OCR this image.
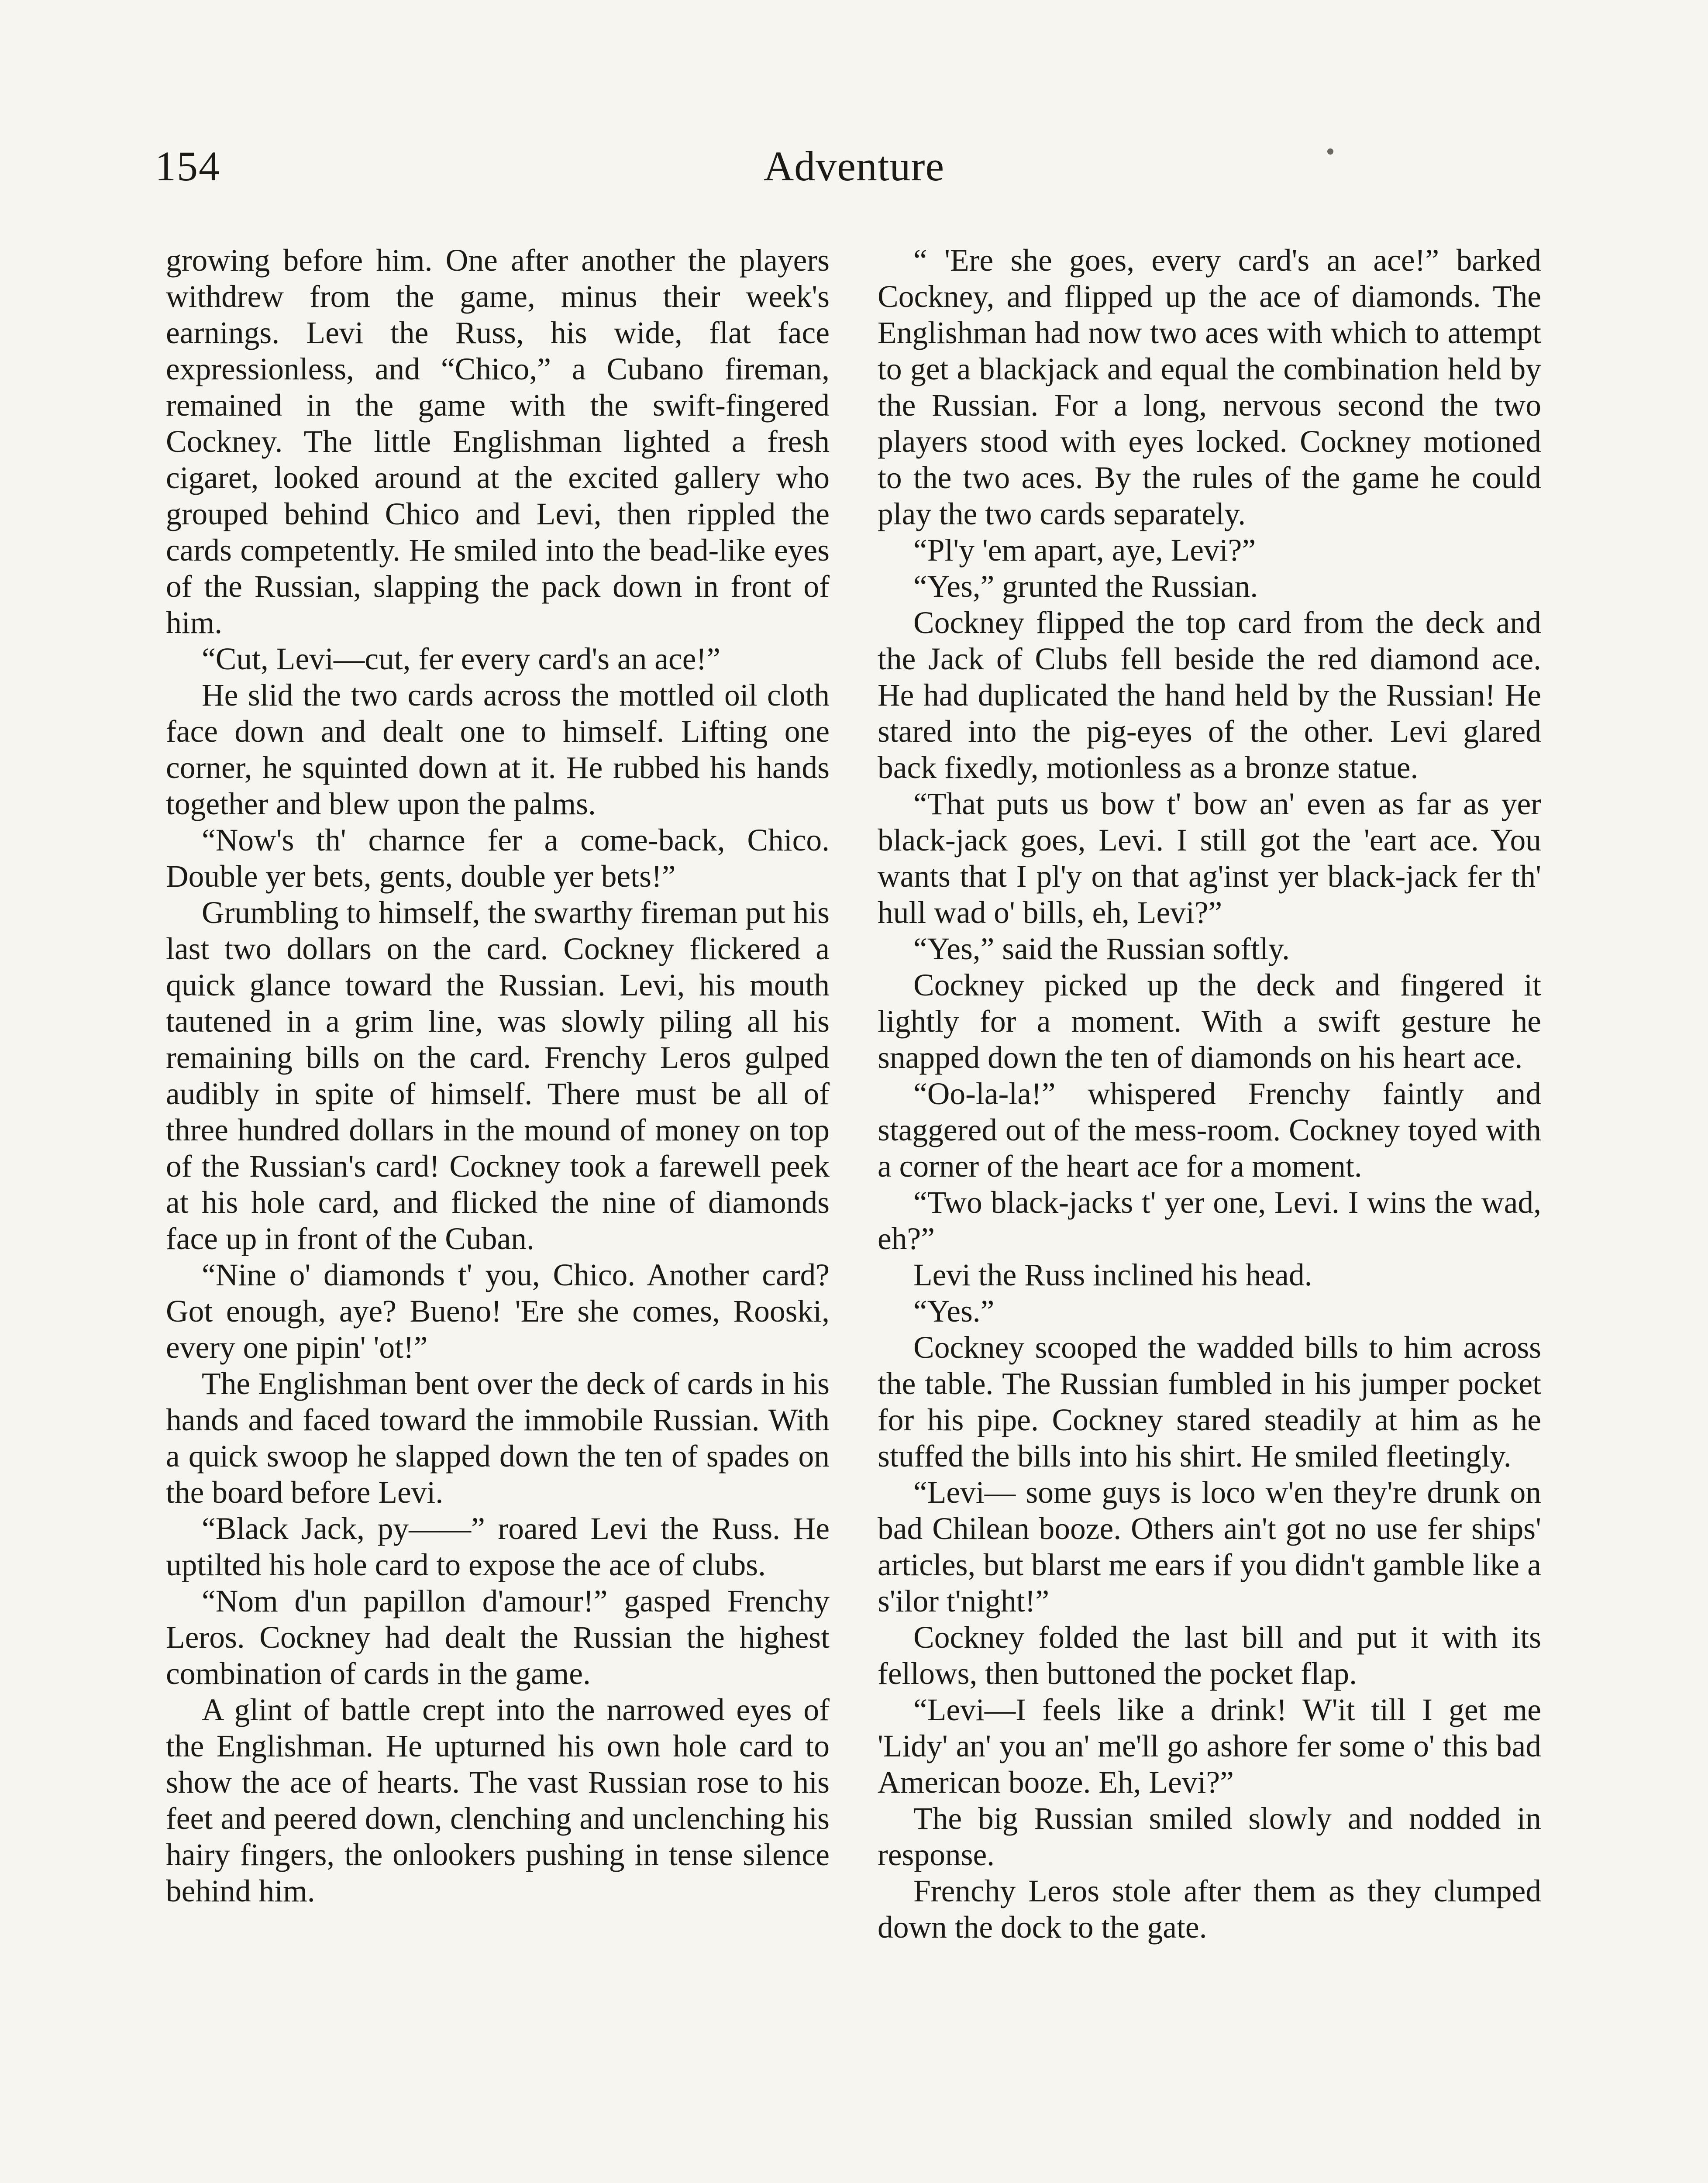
154	Adventure

growing before him. One after another the players withdrew from the game, minus their week's earnings. Levi the Russ, his wide, flat face expressionless, and “Chico,” a Cubano fireman, remained in the game with the swift-fingered Cockney. The little Englishman lighted a fresh cigaret, looked around at the excited gallery who grouped behind Chico and Levi, then rippled the cards competently. He smiled into the bead-like eyes of the Russian, slapping the pack down in front of him.

“Cut, Levi—cut, fer every card's an ace!”

He slid the two cards across the mottled oil cloth face down and dealt one to himself. Lifting one corner, he squinted down at it. He rubbed his hands together and blew upon the palms.

“Now's th' charnce fer a come-back, Chico. Double yer bets, gents, double yer bets!”

Grumbling to himself, the swarthy fireman put his last two dollars on the card. Cockney flickered a quick glance toward the Russian. Levi, his mouth tautened in a grim line, was slowly piling all his remaining bills on the card. Frenchy Leros gulped audibly in spite of himself. There must be all of three hundred dollars in the mound of money on top of the Russian's card! Cockney took a farewell peek at his hole card, and flicked the nine of diamonds face up in front of the Cuban.

“Nine o' diamonds t' you, Chico. Another card? Got enough, aye? Bueno! 'Ere she comes, Rooski, every one pipin' 'ot!”

The Englishman bent over the deck of cards in his hands and faced toward the immobile Russian. With a quick swoop he slapped down the ten of spades on the board before Levi.

“Black Jack, py——” roared Levi the Russ. He uptilted his hole card to expose the ace of clubs.

“Nom d'un papillon d'amour!” gasped Frenchy Leros. Cockney had dealt the Russian the highest combination of cards in the game.

A glint of battle crept into the narrowed eyes of the Englishman. He upturned his own hole card to show the ace of hearts. The vast Russian rose to his feet and peered down, clenching and unclenching his hairy fingers, the onlookers pushing in tense silence behind him.

“ 'Ere she goes, every card's an ace!” barked Cockney, and flipped up the ace of diamonds. The Englishman had now two aces with which to attempt to get a blackjack and equal the combination held by the Russian. For a long, nervous second the two players stood with eyes locked. Cockney motioned to the two aces. By the rules of the game he could play the two cards separately.

“Pl'y 'em apart, aye, Levi?”

“Yes,” grunted the Russian.

Cockney flipped the top card from the deck and the Jack of Clubs fell beside the red diamond ace. He had duplicated the hand held by the Russian! He stared into the pig-eyes of the other. Levi glared back fixedly, motionless as a bronze statue.

“That puts us bow t' bow an' even as far as yer black-jack goes, Levi. I still got the 'eart ace. You wants that I pl'y on that ag'inst yer black-jack fer th' hull wad o' bills, eh, Levi?”

“Yes,” said the Russian softly.

Cockney picked up the deck and fingered it lightly for a moment. With a swift gesture he snapped down the ten of diamonds on his heart ace.

“Oo-la-la!” whispered Frenchy faintly and staggered out of the mess-room. Cockney toyed with a corner of the heart ace for a moment.

“Two black-jacks t' yer one, Levi. I wins the wad, eh?”

Levi the Russ inclined his head.

“Yes.”

Cockney scooped the wadded bills to him across the table. The Russian fumbled in his jumper pocket for his pipe. Cockney stared steadily at him as he stuffed the bills into his shirt. He smiled fleetingly.

“Levi— some guys is loco w'en they're drunk on bad Chilean booze. Others ain't got no use fer ships' articles, but blarst me ears if you didn't gamble like a s'ilor t'night!”

Cockney folded the last bill and put it with its fellows, then buttoned the pocket flap.

“Levi—I feels like a drink! W'it till I get me 'Lidy' an' you an' me'll go ashore fer some o' this bad American booze. Eh, Levi?”

The big Russian smiled slowly and nodded in response.

Frenchy Leros stole after them as they clumped down the dock to the gate.
